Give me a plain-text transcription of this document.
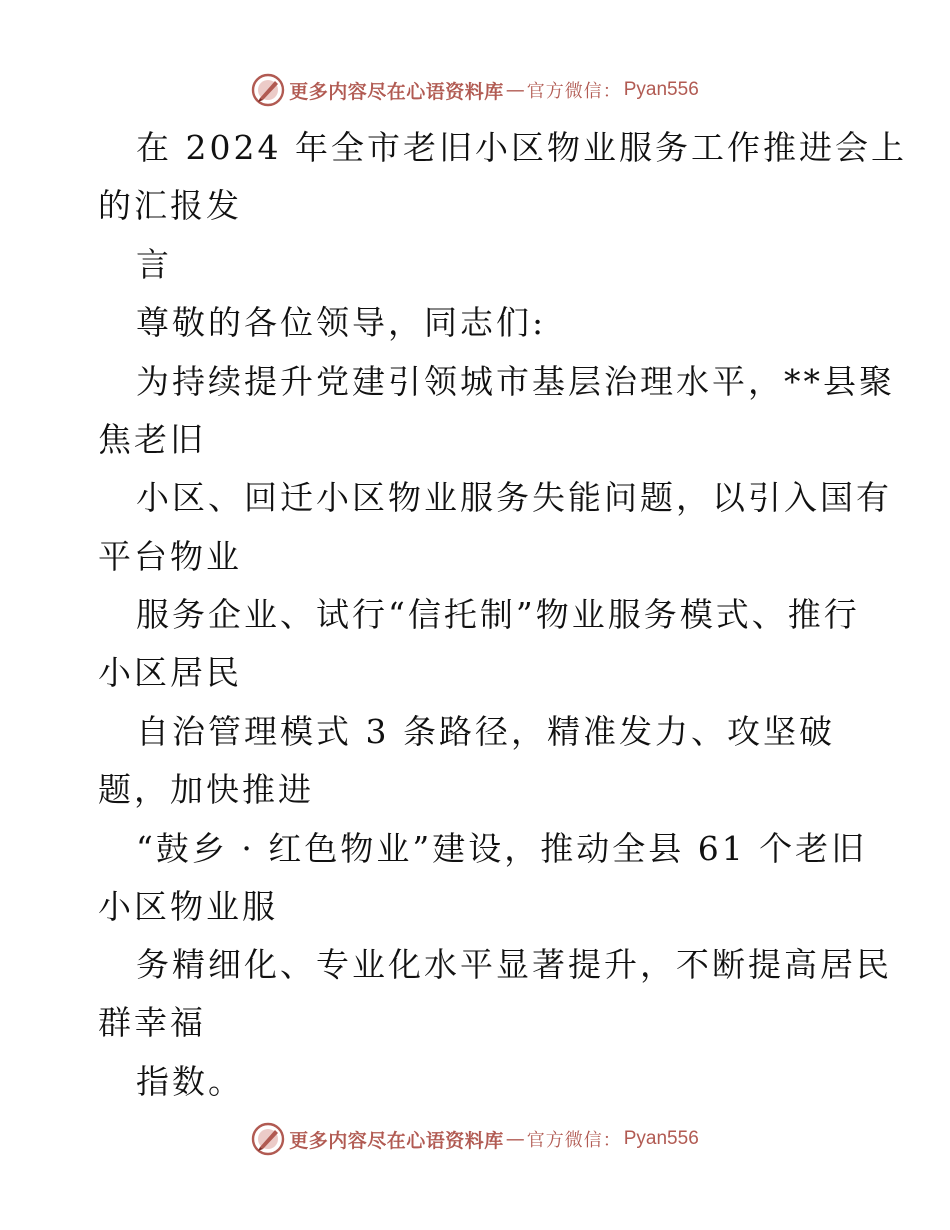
更多内容尽在心语资料库 — 官方微信： Pyan556
在 2024 年全市老旧小区物业服务工作推进会上
的汇报发
言
尊敬的各位领导，同志们:
为持续提升党建引领城市基层治理水平，**县聚
焦老旧
小区、回迁小区物业服务失能问题，以引入国有
平台物业
服务企业、试行“信托制”物业服务模式、推行
小区居民
自治管理模式 3 条路径，精准发力、攻坚破
题，加快推进
“鼓乡 · 红色物业”建设，推动全县 61 个老旧
小区物业服
务精细化、专业化水平显著提升，不断提高居民
群幸福
指数。
更多内容尽在心语资料库 — 官方微信： Pyan556
